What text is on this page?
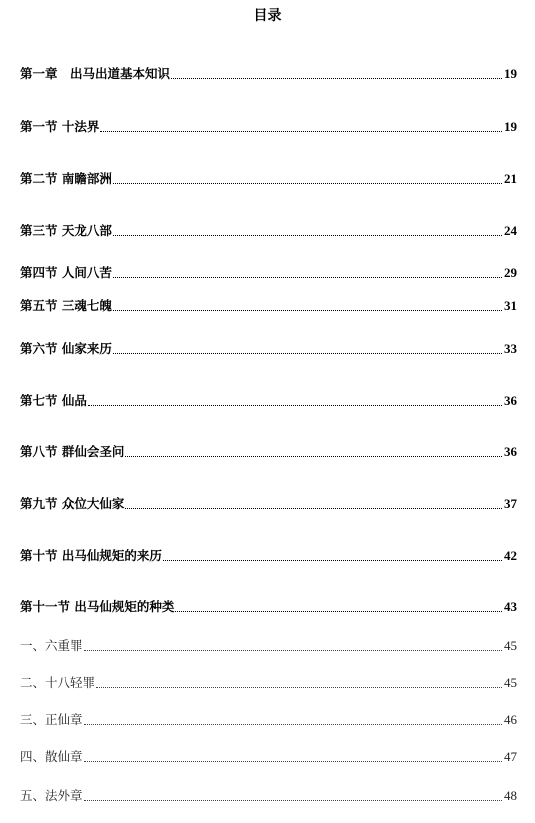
目录
第一章　出马出道基本知识	19
第一节 十法界	19
第二节 南瞻部洲	21
第三节 天龙八部	24
第四节 人间八苦	29
第五节 三魂七魄	31
第六节 仙家来历	33
第七节 仙品	36
第八节 群仙会圣问	36
第九节 众位大仙家	37
第十节 出马仙规矩的来历	42
第十一节 出马仙规矩的种类	43
一、六重罪	45
二、十八轻罪	45
三、正仙章	46
四、散仙章	47
五、法外章	48
